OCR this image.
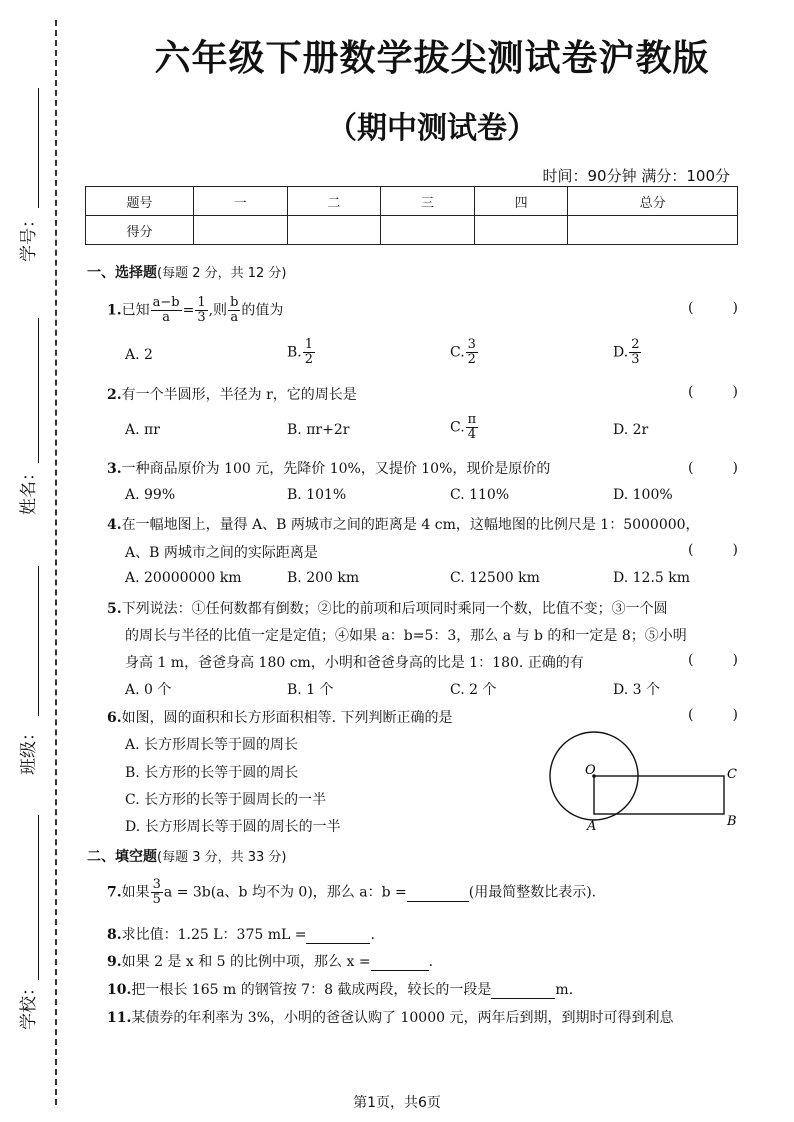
学号：
姓名：
班级：
学校：
六年级下册数学拔尖测试卷沪教版
（期中测试卷）
时间：90分钟 满分：100分
题号	一	二	三	四	总分
得分					
一、选择题(每题 2 分，共 12 分)
1.已知 $\frac{a-b}{a} = \frac{1}{3}$ ,则 $\frac{b}{a}$ 的值为	(	)
A. 2	B. $\frac{1}{2}$	C. $\frac{3}{2}$	D. $\frac{2}{3}$
2.有一个半圆形，半径为 r，它的周长是	(	)
A. πr	B. πr+2r	C. $\frac{\pi}{4}$	D. 2r
3.一种商品原价为 100 元，先降价 10%，又提价 10%，现价是原价的	(	)
A. 99%	B. 101%	C. 110%	D. 100%
4.在一幅地图上，量得 A、B 两城市之间的距离是 4 cm，这幅地图的比例尺是 1：5000000，
A、B 两城市之间的实际距离是	(	)
A. 20000000 km	B. 200 km	C. 12500 km	D. 12.5 km
5.下列说法：①任何数都有倒数；②比的前项和后项同时乘同一个数，比值不变；③一个圆
的周长与半径的比值一定是定值；④如果 a：b=5：3，那么 a 与 b 的和一定是 8；⑤小明
身高 1 m，爸爸身高 180 cm，小明和爸爸身高的比是 1：180. 正确的有	(	)
A. 0 个	B. 1 个	C. 2 个	D. 3 个
6.如图，圆的面积和长方形面积相等. 下列判断正确的是	(	)
A. 长方形周长等于圆的周长
B. 长方形的长等于圆的周长
C. 长方形的长等于圆周长的一半
D. 长方形周长等于圆的周长的一半
O
A	B
C
二、填空题(每题 3 分，共 33 分)
7.如果 $\frac{3}{5}$ a = 3b(a、b 均不为 0)，那么 a：b =	(用最简整数比表示).
8.求比值：1.25 L：375 mL =	.
9.如果 2 是 x 和 5 的比例中项，那么 x =	.
10.把一根长 165 m 的钢管按 7：8 截成两段，较长的一段是	m.
11.某债券的年利率为 3%，小明的爸爸认购了 10000 元，两年后到期，到期时可得到利息
第1页，共6页
